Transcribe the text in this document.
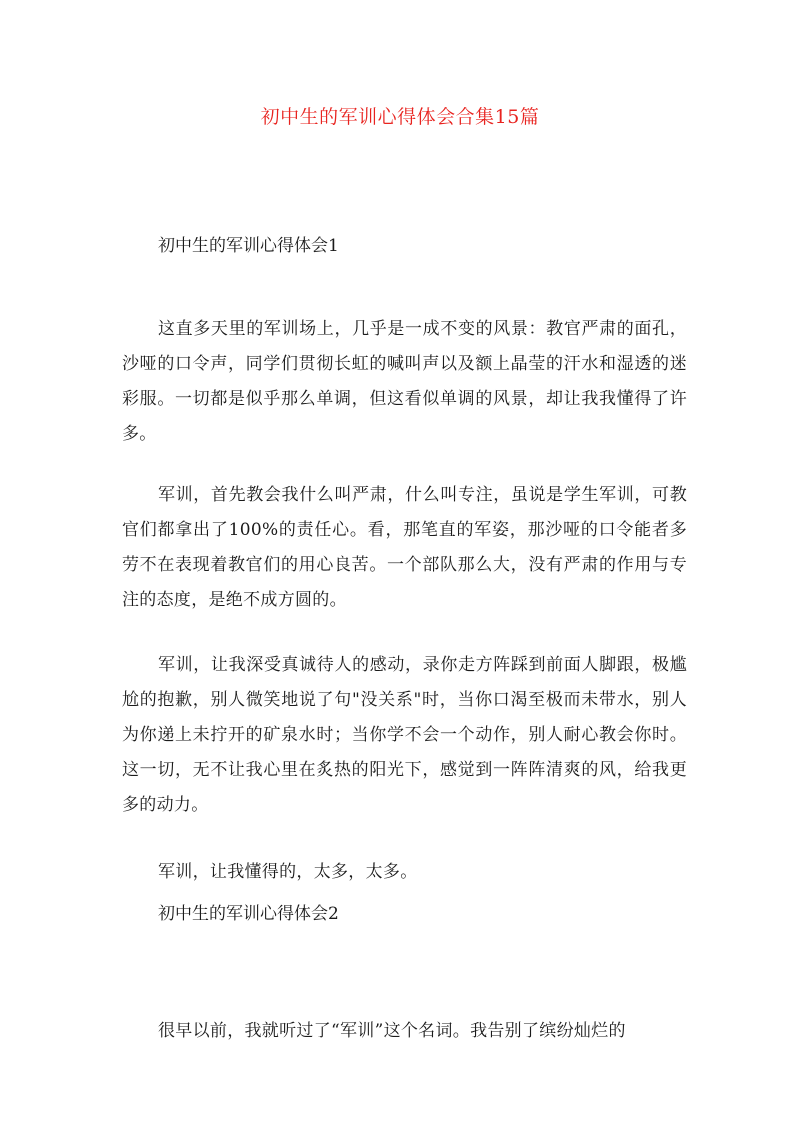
初中生的军训心得体会合集15篇
初中生的军训心得体会1

这直多天里的军训场上，几乎是一成不变的风景：教官严肃的面孔，沙哑的口令声，同学们贯彻长虹的喊叫声以及额上晶莹的汗水和湿透的迷彩服。一切都是似乎那么单调，但这看似单调的风景，却让我我懂得了许多。

军训，首先教会我什么叫严肃，什么叫专注，虽说是学生军训，可教官们都拿出了100%的责任心。看，那笔直的军姿，那沙哑的口令能者多劳不在表现着教官们的用心良苦。一个部队那么大，没有严肃的作用与专注的态度，是绝不成方圆的。

军训，让我深受真诚待人的感动，录你走方阵踩到前面人脚跟，极尴尬的抱歉，别人微笑地说了句"没关系"时，当你口渴至极而未带水，别人为你递上未拧开的矿泉水时；当你学不会一个动作，别人耐心教会你时。这一切，无不让我心里在炙热的阳光下，感觉到一阵阵清爽的风，给我更多的动力。

军训，让我懂得的，太多，太多。

初中生的军训心得体会2

很早以前，我就听过了“军训”这个名词。我告别了缤纷灿烂的
